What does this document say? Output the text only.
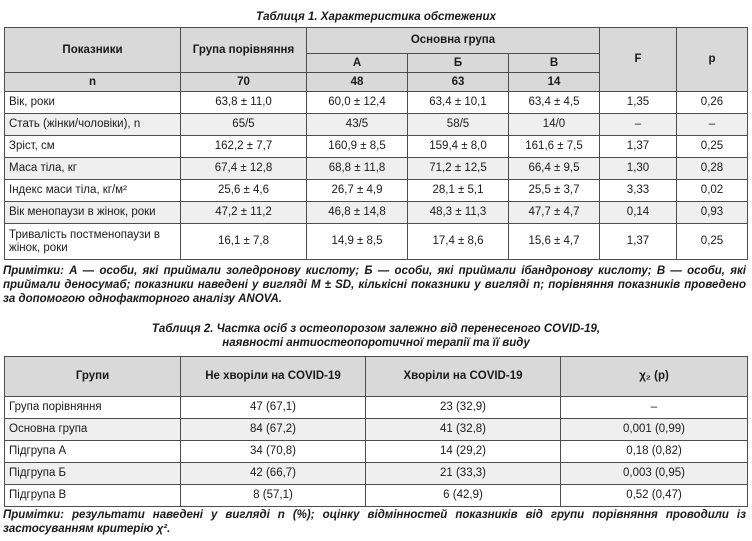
Таблиця 1. Характеристика обстежених
Показники	Група порівняння	Основна група			F	p
		А	Б	В		
n	70	48	63	14		
Вік, роки	63,8 ± 11,0	60,0 ± 12,4	63,4 ± 10,1	63,4 ± 4,5	1,35	0,26
Стать (жінки/чоловіки), n	65/5	43/5	58/5	14/0	–	–
Зріст, см	162,2 ± 7,7	160,9 ± 8,5	159,4 ± 8,0	161,6 ± 7,5	1,37	0,25
Маса тіла, кг	67,4 ± 12,8	68,8 ± 11,8	71,2 ± 12,5	66,4 ± 9,5	1,30	0,28
Індекс маси тіла, кг/м²	25,6 ± 4,6	26,7 ± 4,9	28,1 ± 5,1	25,5 ± 3,7	3,33	0,02
Вік менопаузи в жінок, роки	47,2 ± 11,2	46,8 ± 14,8	48,3 ± 11,3	47,7 ± 4,7	0,14	0,93
Тривалість постменопаузи в жінок, роки	16,1 ± 7,8	14,9 ± 8,5	17,4 ± 8,6	15,6 ± 4,7	1,37	0,25
Примітки: А — особи, які приймали золедронову кислоту; Б — особи, які приймали ібандронову кислоту; В — особи, які приймали деносумаб; показники наведені у вигляді M ± SD, кількісні показники у вигляді n; порівняння показників проведено за допомогою однофакторного аналізу ANOVA.
Таблиця 2. Частка осіб з остеопорозом залежно від перенесеного COVID-19,
наявності антиостеопоротичної терапії та її виду
Групи	Не хворіли на COVID-19	Хворіли на COVID-19	χ₂ (p)
Група порівняння	47 (67,1)	23 (32,9)	–
Основна група	84 (67,2)	41 (32,8)	0,001 (0,99)
Підгрупа А	34 (70,8)	14 (29,2)	0,18 (0,82)
Підгрупа Б	42 (66,7)	21 (33,3)	0,003 (0,95)
Підгрупа В	8 (57,1)	6 (42,9)	0,52 (0,47)
Примітки: результати наведені у вигляді n (%); оцінку відмінностей показників від групи порівняння проводили із застосуванням критерію χ².
